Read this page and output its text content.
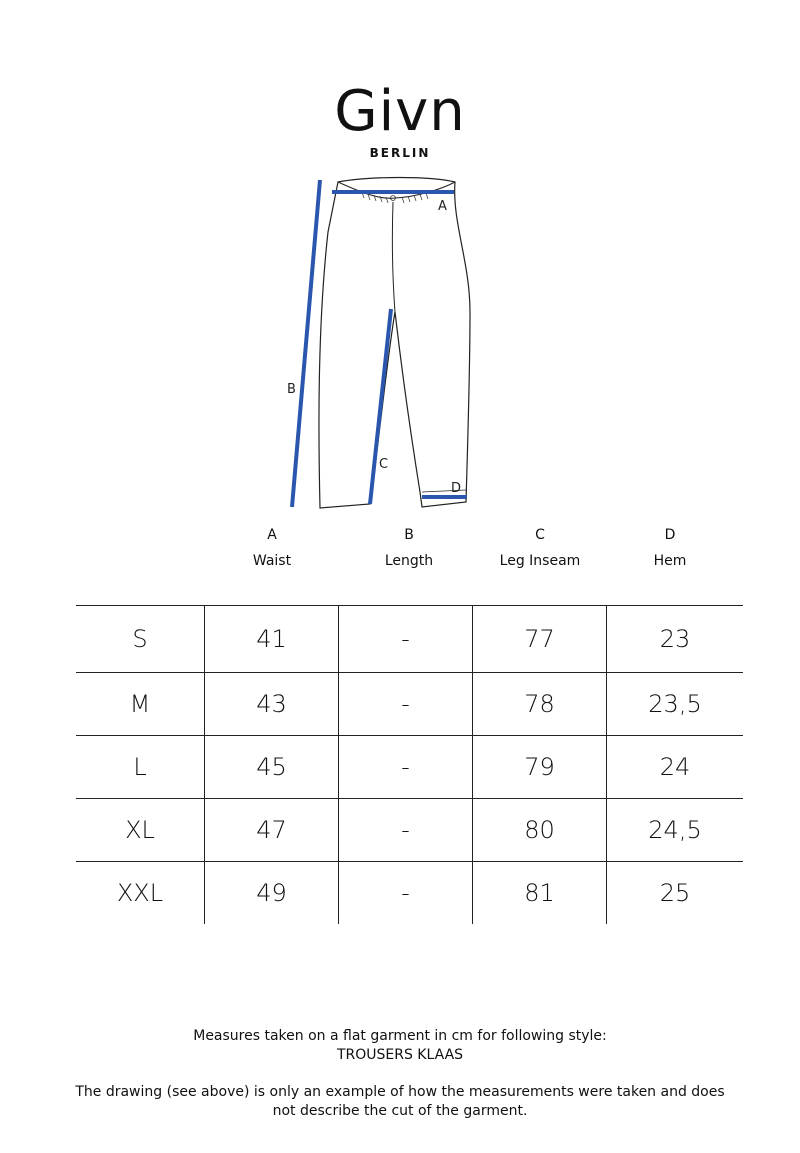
Givn
BERLIN
A
B
C
D
A
Waist
B
Length
C
Leg Inseam
D
Hem
S	41	-	77	23
M	43	-	78	23,5
L	45	-	79	24
XL	47	-	80	24,5
XXL	49	-	81	25
Measures taken on a flat garment in cm for following style:
TROUSERS KLAAS
The drawing (see above) is only an example of how the measurements were taken and does
not describe the cut of the garment.
